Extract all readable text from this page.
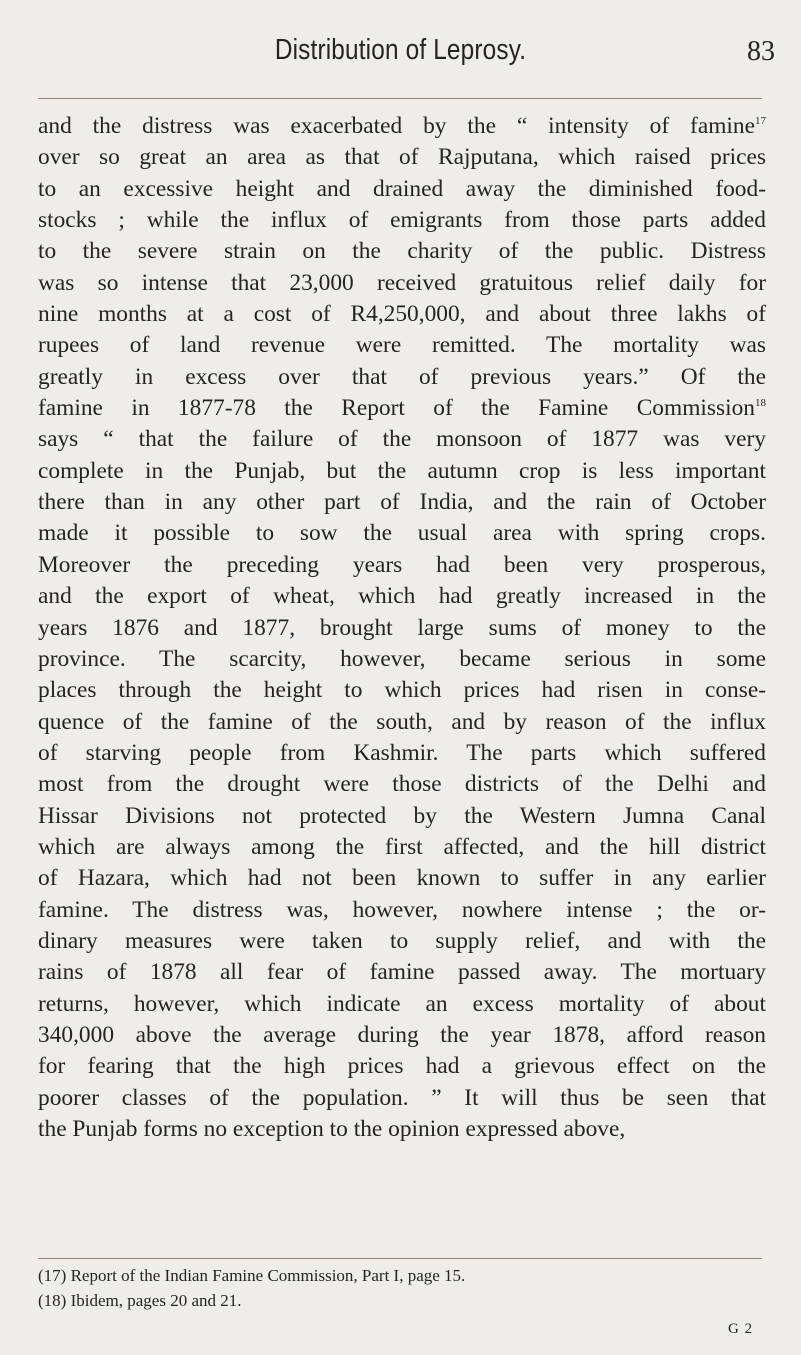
Distribution of Leprosy.	83
and the distress was exacerbated by the “ intensity of famine$^{17}$
over so great an area as that of Rajputana, which raised prices
to an excessive height and drained away the diminished food-
stocks ; while the influx of emigrants from those parts added
to the severe strain on the charity of the public. Distress
was so intense that 23,000 received gratuitous relief daily for
nine months at a cost of R4,250,000, and about three lakhs of
rupees of land revenue were remitted. The mortality was
greatly in excess over that of previous years.” Of the
famine in 1877-78 the Report of the Famine Commission$^{18}$
says “ that the failure of the monsoon of 1877 was very
complete in the Punjab, but the autumn crop is less important
there than in any other part of India, and the rain of October
made it possible to sow the usual area with spring crops.
Moreover the preceding years had been very prosperous,
and the export of wheat, which had greatly increased in the
years 1876 and 1877, brought large sums of money to the
province. The scarcity, however, became serious in some
places through the height to which prices had risen in conse-
quence of the famine of the south, and by reason of the influx
of starving people from Kashmir. The parts which suffered
most from the drought were those districts of the Delhi and
Hissar Divisions not protected by the Western Jumna Canal
which are always among the first affected, and the hill district
of Hazara, which had not been known to suffer in any earlier
famine. The distress was, however, nowhere intense ; the or-
dinary measures were taken to supply relief, and with the
rains of 1878 all fear of famine passed away. The mortuary
returns, however, which indicate an excess mortality of about
340,000 above the average during the year 1878, afford reason
for fearing that the high prices had a grievous effect on the
poorer classes of the population. ” It will thus be seen that
the Punjab forms no exception to the opinion expressed above,
(17) Report of the Indian Famine Commission, Part I, page 15.
(18) Ibidem, pages 20 and 21.
G 2
